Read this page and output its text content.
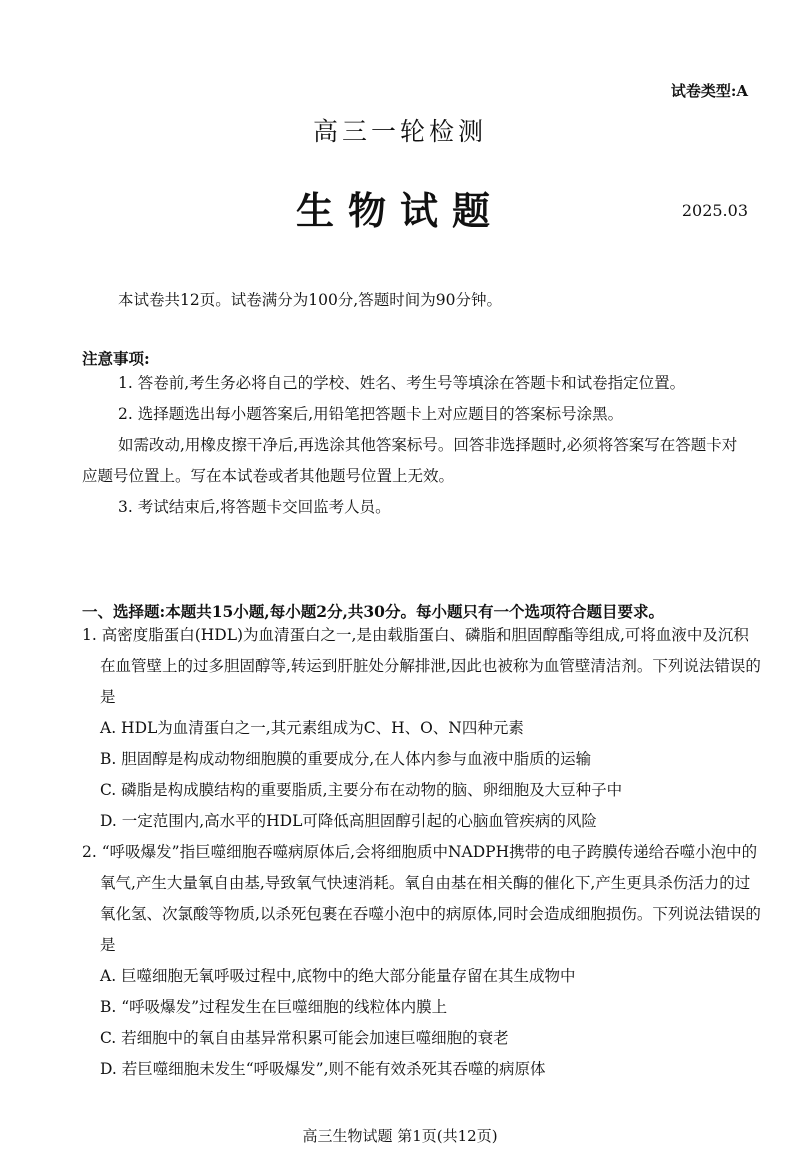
试卷类型:A
高三一轮检测
生物试题	2025.03
本试卷共12页。试卷满分为100分,答题时间为90分钟。
注意事项:

1. 答卷前,考生务必将自己的学校、姓名、考生号等填涂在答题卡和试卷指定位置。

2. 选择题选出每小题答案后,用铅笔把答题卡上对应题目的答案标号涂黑。

如需改动,用橡皮擦干净后,再选涂其他答案标号。回答非选择题时,必须将答案写在答题卡对应题号位置上。写在本试卷或者其他题号位置上无效。

3. 考试结束后,将答题卡交回监考人员。

一、选择题:本题共15小题,每小题2分,共30分。每小题只有一个选项符合题目要求。

1. 高密度脂蛋白(HDL)为血清蛋白之一,是由载脂蛋白、磷脂和胆固醇酯等组成,可将血液中及沉积在血管壁上的过多胆固醇等,转运到肝脏处分解排泄,因此也被称为血管壁清洁剂。下列说法错误的是

A. HDL为血清蛋白之一,其元素组成为C、H、O、N四种元素

B. 胆固醇是构成动物细胞膜的重要成分,在人体内参与血液中脂质的运输

C. 磷脂是构成膜结构的重要脂质,主要分布在动物的脑、卵细胞及大豆种子中

D. 一定范围内,高水平的HDL可降低高胆固醇引起的心脑血管疾病的风险

2. “呼吸爆发”指巨噬细胞吞噬病原体后,会将细胞质中NADPH携带的电子跨膜传递给吞噬小泡中的氧气,产生大量氧自由基,导致氧气快速消耗。氧自由基在相关酶的催化下,产生更具杀伤活力的过氧化氢、次氯酸等物质,以杀死包裹在吞噬小泡中的病原体,同时会造成细胞损伤。下列说法错误的是

A. 巨噬细胞无氧呼吸过程中,底物中的绝大部分能量存留在其生成物中

B. “呼吸爆发”过程发生在巨噬细胞的线粒体内膜上

C. 若细胞中的氧自由基异常积累可能会加速巨噬细胞的衰老

D. 若巨噬细胞未发生“呼吸爆发”,则不能有效杀死其吞噬的病原体

高三生物试题 第1页(共12页)
